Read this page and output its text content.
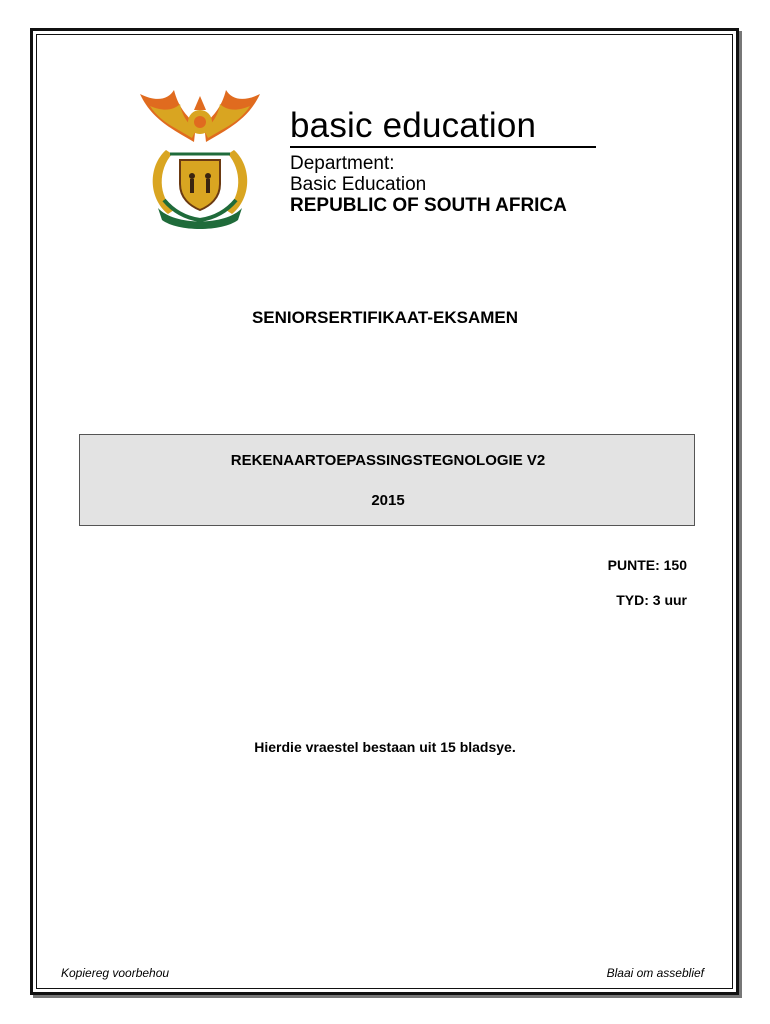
basic education
Department:
Basic Education
REPUBLIC OF SOUTH AFRICA
SENIORSERTIFIKAAT-EKSAMEN
REKENAARTOEPASSINGSTEGNOLOGIE V2
2015
PUNTE: 150
TYD: 3 uur
Hierdie vraestel bestaan uit 15 bladsye.
Kopiereg voorbehou	Blaai om asseblief
